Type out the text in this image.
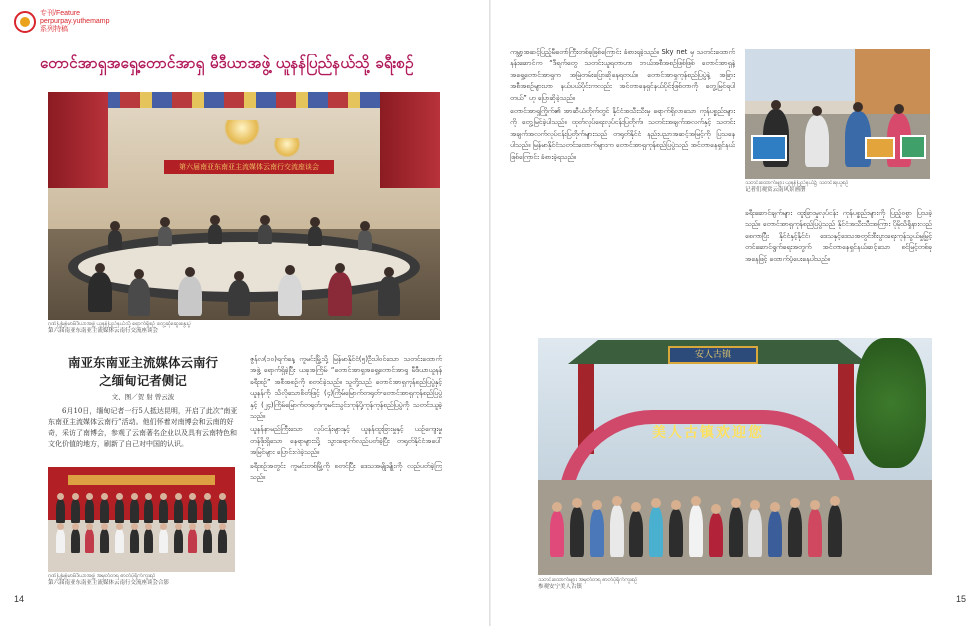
专刊/Feature
perpurpay.yuthemamp
系列特稿
တောင်အာရှအရှေ့တောင်အာရှ မီဒီယာအဖွဲ့ ယူနန်ပြည်နယ်သို့ ခရီးစဉ်
第六届南亚东南亚主流媒体云南行交流座谈会
ဂုဏ်ပြုမြန်မာမီဒီယာအဖွဲ့ ယူနန်ပြည်နယ်သို့ ရောက်ရှိစဉ် တွေ့ဆုံဆွေးနွေးပွဲ
第六届南亚东南亚主流媒体云南行交流座谈会
南亚东南亚主流媒体云南行
之缅甸记者侧记
文、图／贺 射 曾云波
6月10日，缅甸记者一行5人抵达昆明，开启了此次“南亚东南亚主流媒体云南行”活动。他们怀着对南博会和云南的好奇，采访了南博会，参观了云南著名企业以及具有云南特色和文化价值的地方，刷新了自己对中国的认识。
ဂုဏ်ပြုမြန်မာမီဒီယာအဖွဲ့ အမှတ်တရ ဓာတ်ပုံရိုက်ကူးစဉ်
第六届南亚东南亚主流媒体云南行交流座谈会合影

ဇွန်လ(၁၀)ရက်နေ့ ကူမင်းမြို့သို့ မြန်မာနိုင်ငံ(၅)ဦးပါဝင်သော သတင်းထောက်အဖွဲ့ ရောက်ရှိခဲ့ပြီး ယခုအကြိမ် “တောင်အာရှအရှေ့တောင်အာရှ မီဒီယာယူနန်ခရီးစဉ်” အစီအစဉ်ကို စတင်ခဲ့သည်။ သူတို့သည် တောင်အာရှကုန်စည်ပြပွဲနှင့် ယူနန်ကို သိလိုသောစိတ်ဖြင့် (၄)ကြိမ်မြောက်တရုတ်-တောင်အာရှကုန်စည်ပြပွဲနှင့် (၂၄)ကြိမ်မြောက်တရုတ်ကူမင်းသွင်းကုန်ပို့ကုန်ကုန်စည်ပြပွဲကို သတင်းယူခဲ့သည်။

ယူနန်နာမည်ကြီးသော လုပ်ငန်းများနှင့် ယူနန်ထူးခြားမှုနှင့် ယဉ်ကျေးမှုတန်ဖိုးရှိသော နေရာများသို့ သွားရောက်လည်ပတ်ခဲ့ပြီး တရုတ်နိုင်ငံအပေါ် အမြင်များ ပြောင်းလဲခဲ့သည်။

ခရီးစဉ်အတွင်း ကူမင်းတစ်မြို့ကို စတင်ပြီး ဒေသအမျိုးမျိုးကို လည်ပတ်ခဲ့ကြသည်။

ကမ္ဘာ့အဆင့်ပြည့်မီတော်ကြီးတစ်ခုဖြစ်ကြောင်း ခံစားရခဲ့သည်။ Sky net မှ သတင်းထောက် နန်းဆောင်က “ဒီရက်တွေ သတင်းယူရတာဟာ ဘယ်အစီအစဉ်ဖြစ်ဖြစ် တောင်အာရှနဲ့ အရှေ့တောင်အာရှက အမြဲတမ်းပြောဆိုနေရတယ်။ တောင်အာရှကုန်စည်ပြပွဲနဲ့ အခြားအစီအစဉ်များဟာ နယ်ပယ်ပိုင်းကလည်း အင်တာနေရှင်နယ်ပိုင်းဖြစ်တာကို တွေ့မြင်ရပါတယ်” ဟု ပြောဆိုခဲ့သည်။

တောင်အာရှကြိုက်၏ အာဆီယံတိုက်တွင် နိုင်ငံအသီးသီးမှ ရောက်ရှိလာသော ကုန်ပစ္စည်းများကို တွေ့မြင်ခဲ့ပါသည်။ ထုတ်လုပ်ရေးလုပ်ငန်းပြတိုက်၊ သတင်းအချက်အလက်နှင့် သတင်းအချက်အလက်လုပ်ငန်းပြတိုက်များသည် တရုတ်နိုင်ငံ နည်းပညာအဆင့်အမြင့်ကို ပြသနေပါသည်။ မြန်မာနိုင်ငံသတင်းထောက်များက တောင်အာရှကုန်စည်ပြပွဲသည် အင်တာနေရှင်နယ်ဖြစ်ကြောင်း ခံစားခဲ့ရသည်။

သတင်းထောက်များ ယူနန်ပြည်နယ်၌ သတင်းရယူစဉ်
记者们观赏云南风景画册

ခရီးဆောင်ချက်များ ထူးခြားမှုလုပ်ငန်း ကုန်ပစ္စည်းများကို ပြည့်ဝစွာ ပြသခဲ့သည်။ တောင်အာရှကုန်စည်ပြပွဲသည် နိုင်ငံအသီးသီးအကြား ပိုမိုသိရှိနားလည်စေကာပြီး နိုင်ငံနှင့်နိုင်ငံ၊ ဒေသနှင့်ဒေသအတွင်းစီးပွားရေးကုန်သွယ်မှုမြှင့်တင်ဆောင်ရွက်ရေးအတွက် အင်တာနေရှင်နယ်ဆင့်သော စင်မြင့်တစ်ခုအနေဖြင့် ထောက်ပံ့ပေးနေပါသည်။

安人古镇
美人古镇欢迎您
သတင်းထောက်များ အမှတ်တရ ဓာတ်ပုံရိုက်ကူးစဉ်
参观安宁美人古镇
14	15
